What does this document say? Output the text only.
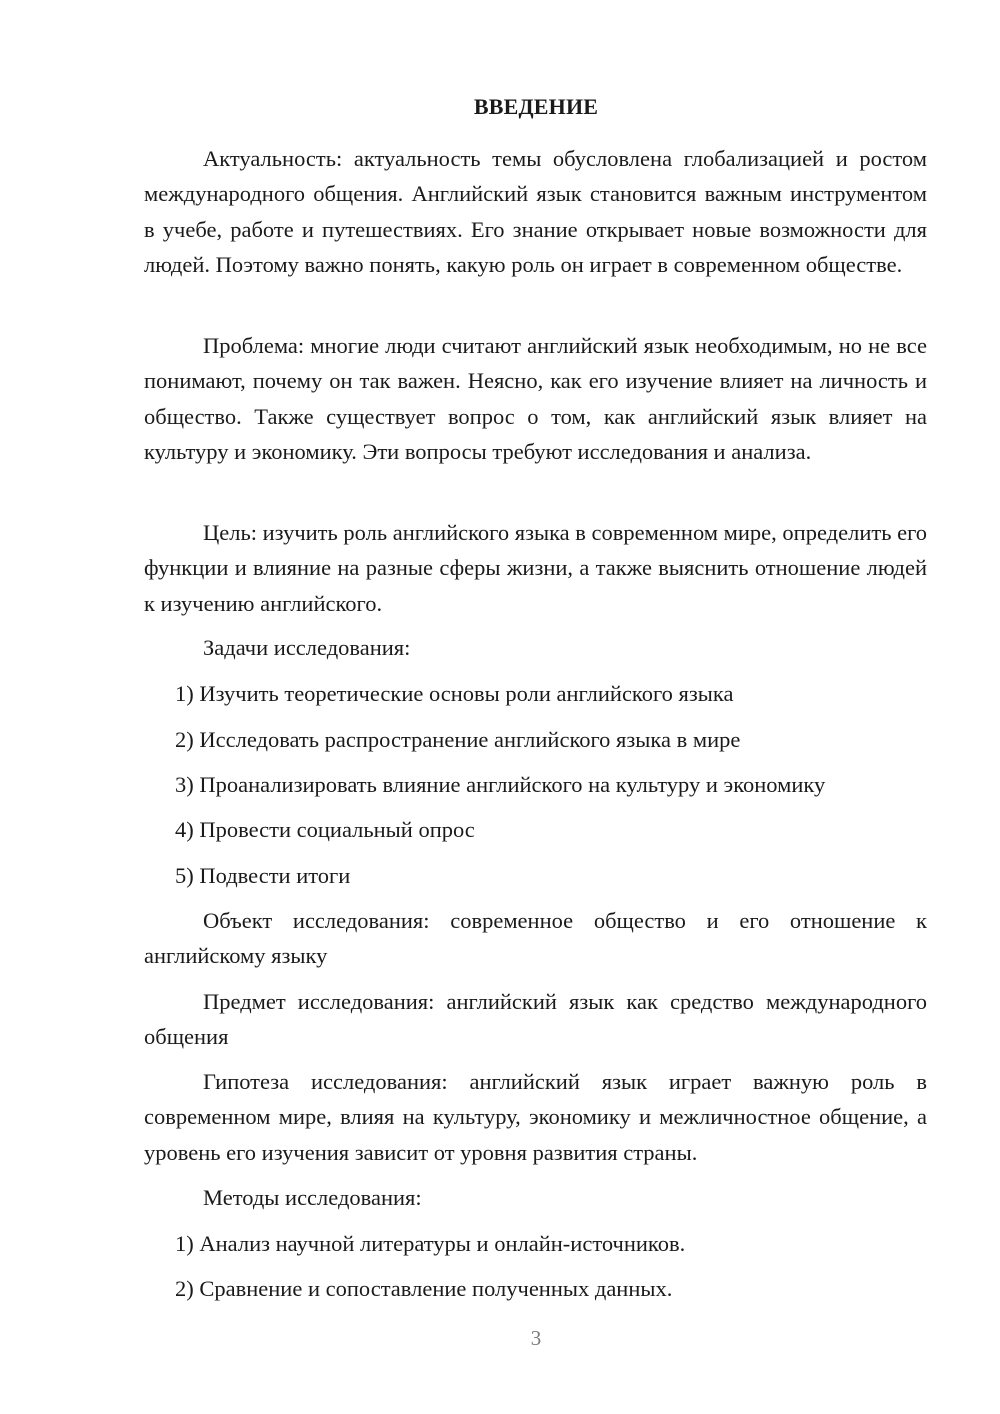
ВВЕДЕНИЕ

Актуальность: актуальность темы обусловлена глобализацией и ростом международного общения. Английский язык становится важным инструментом в учебе, работе и путешествиях. Его знание открывает новые возможности для людей. Поэтому важно понять, какую роль он играет в современном обществе.

Проблема: многие люди считают английский язык необходимым, но не все понимают, почему он так важен. Неясно, как его изучение влияет на личность и общество. Также существует вопрос о том, как английский язык влияет на культуру и экономику. Эти вопросы требуют исследования и анализа.

Цель: изучить роль английского языка в современном мире, определить его функции и влияние на разные сферы жизни, а также выяснить отношение людей к изучению английского.

Задачи исследования:

1) Изучить теоретические основы роли английского языка

2) Исследовать распространение английского языка в мире

3) Проанализировать влияние английского на культуру и экономику

4) Провести социальный опрос

5) Подвести итоги

Объект исследования: современное общество и его отношение к английскому языку

Предмет исследования: английский язык как средство международного общения

Гипотеза исследования: английский язык играет важную роль в современном мире, влияя на культуру, экономику и межличностное общение, а уровень его изучения зависит от уровня развития страны.

Методы исследования:

1) Анализ научной литературы и онлайн-источников.

2) Сравнение и сопоставление полученных данных.

3
